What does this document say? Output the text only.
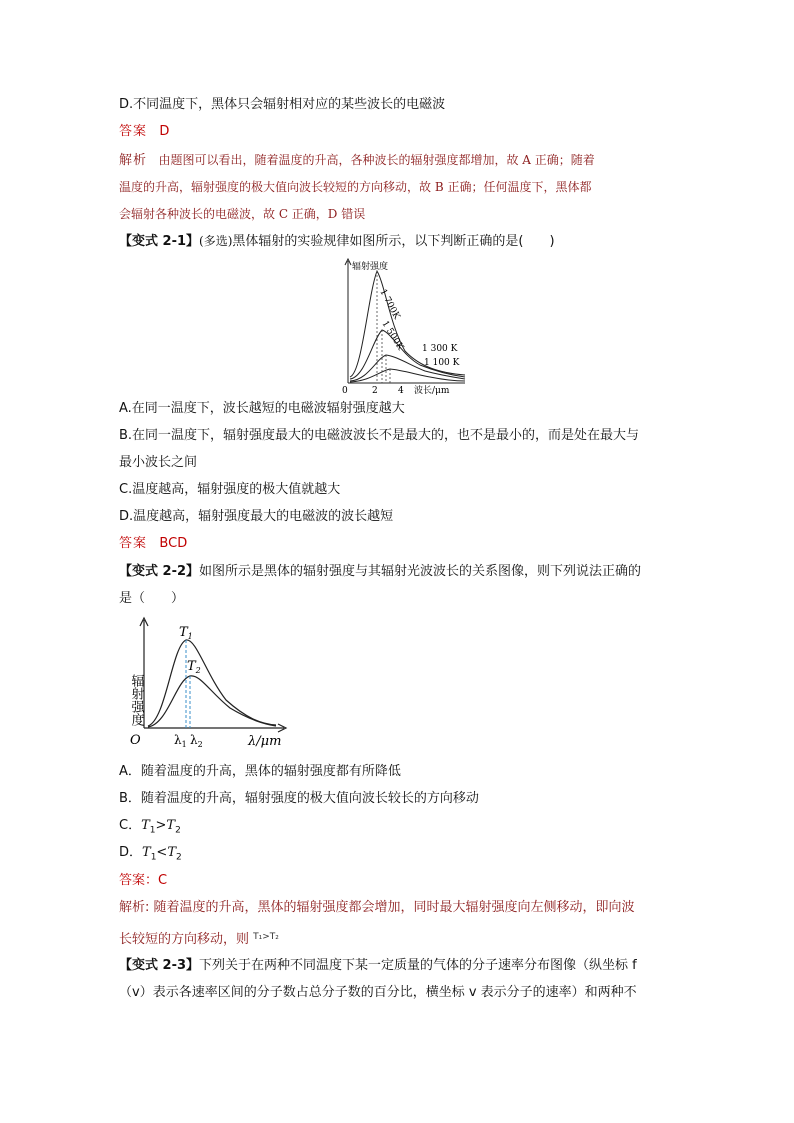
D.不同温度下，黑体只会辐射相对应的某些波长的电磁波
答案 D
解析 由题图可以看出，随着温度的升高，各种波长的辐射强度都增加，故 A 正确；随着
温度的升高，辐射强度的极大值向波长较短的方向移动，故 B 正确；任何温度下，黑体都
会辐射各种波长的电磁波，故 C 正确，D 错误
【变式 2-1】(多选)黑体辐射的实验规律如图所示，以下判断正确的是(　　)
辐射强度
1 700K
1 500K 1 300 K
1 100 K
0	2 4 波长/μm
A.在同一温度下，波长越短的电磁波辐射强度越大
B.在同一温度下，辐射强度最大的电磁波波长不是最大的，也不是最小的，而是处在最大与
最小波长之间
C.温度越高，辐射强度的极大值就越大
D.温度越高，辐射强度最大的电磁波的波长越短
答案 BCD
【变式 2-2】如图所示是黑体的辐射强度与其辐射光波波长的关系图像，则下列说法正确的
是（　　）
辐射强度
$T_1$
$T_2$
O	$\lambda_1$ $\lambda_2$	λ/μm
A．随着温度的升高，黑体的辐射强度都有所降低
B．随着温度的升高，辐射强度的极大值向波长较长的方向移动
C．$T_1>T_2$
D．$T_1<T_2$
答案：C
解析: 随着温度的升高，黑体的辐射强度都会增加，同时最大辐射强度向左侧移动，即向波
长较短的方向移动，则 $^{T_1>T_2}$
【变式 2-3】下列关于在两种不同温度下某一定质量的气体的分子速率分布图像（纵坐标 f
（v）表示各速率区间的分子数占总分子数的百分比，横坐标 v 表示分子的速率）和两种不
